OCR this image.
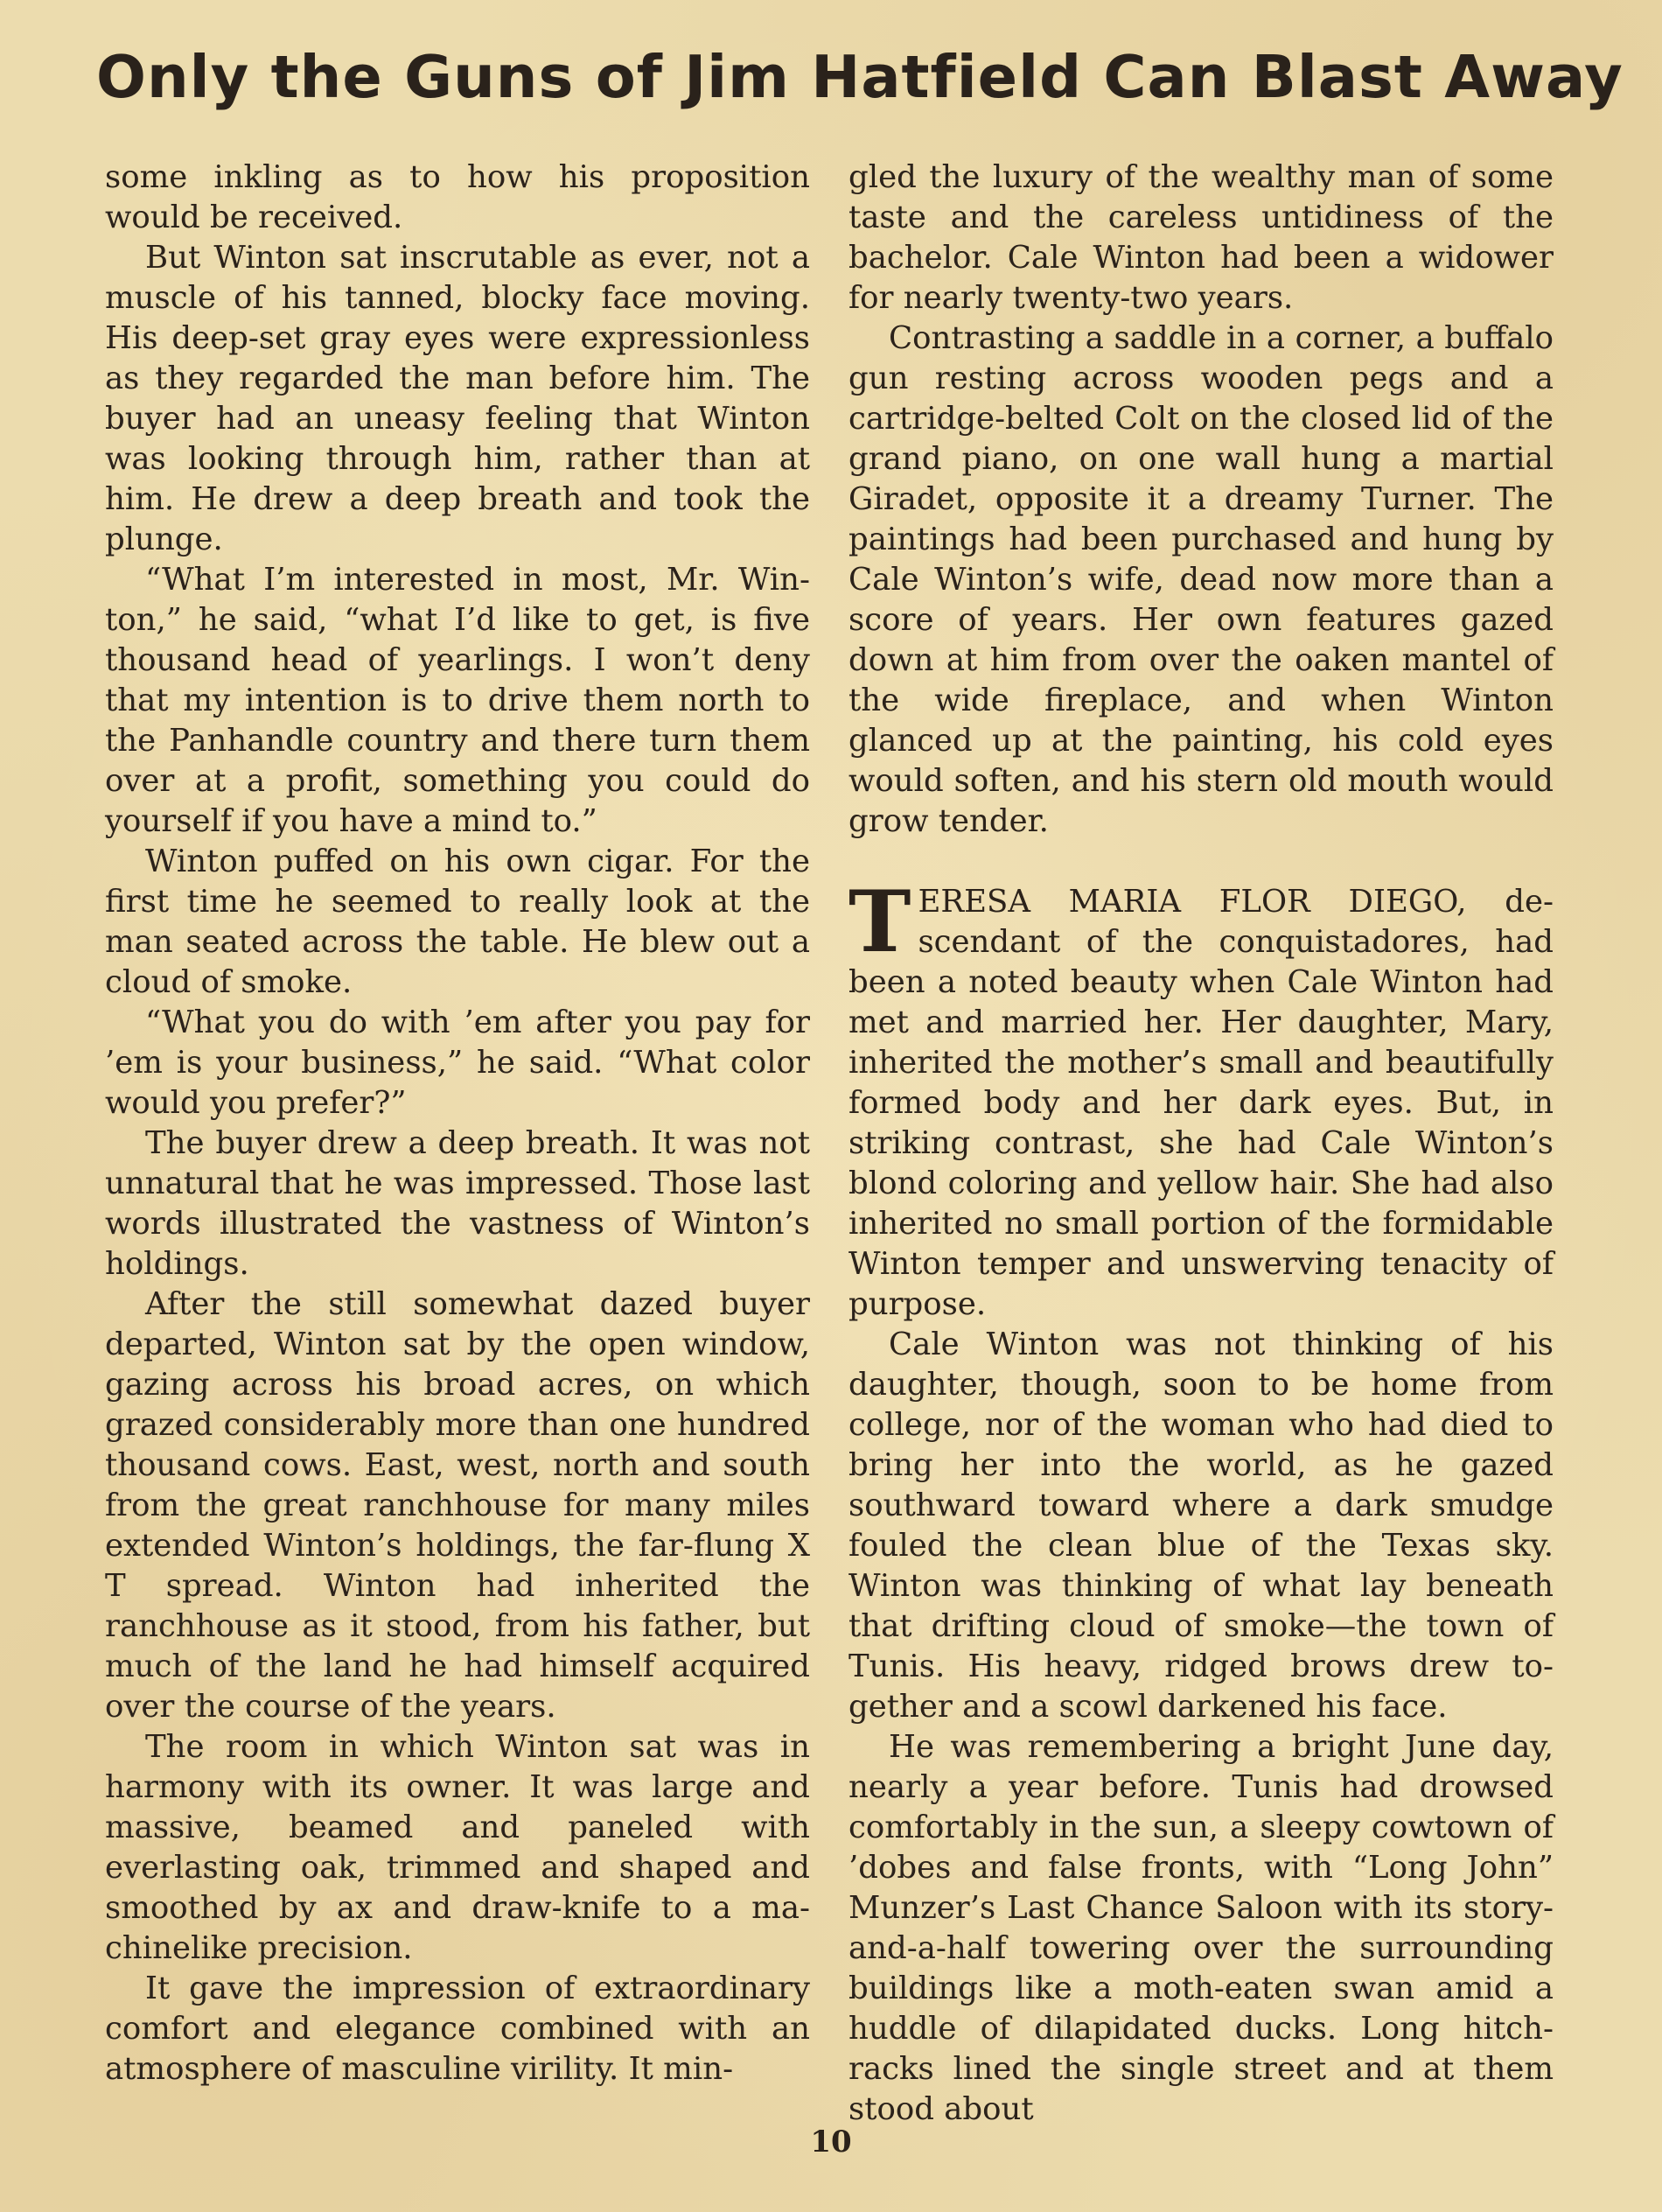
Only the Guns of Jim Hatfield Can Blast Away

some inkling as to how his proposition would be received.

But Winton sat inscrutable as ever, not a muscle of his tanned, blocky face moving. His deep-set gray eyes were expressionless as they regarded the man before him. The buyer had an uneasy feeling that Winton was looking through him, rather than at him. He drew a deep breath and took the plunge.

“What I’m interested in most, Mr. Winton,” he said, “what I’d like to get, is five thousand head of yearlings. I won’t deny that my intention is to drive them north to the Panhandle country and there turn them over at a profit, something you could do yourself if you have a mind to.”

Winton puffed on his own cigar. For the first time he seemed to really look at the man seated across the table. He blew out a cloud of smoke.

“What you do with ’em after you pay for ’em is your business,” he said. “What color would you prefer?”

The buyer drew a deep breath. It was not unnatural that he was impressed. Those last words illustrated the vastness of Winton’s holdings.

After the still somewhat dazed buyer departed, Winton sat by the open window, gazing across his broad acres, on which grazed considerably more than one hundred thousand cows. East, west, north and south from the great ranchhouse for many miles extended Winton’s holdings, the far-flung X T spread. Winton had inherited the ranchhouse as it stood, from his father, but much of the land he had himself acquired over the course of the years.

The room in which Winton sat was in harmony with its owner. It was large and massive, beamed and paneled with everlasting oak, trimmed and shaped and smoothed by ax and draw-knife to a machinelike precision.

It gave the impression of extraordinary comfort and elegance combined with an atmosphere of masculine virility. It min-

gled the luxury of the wealthy man of some taste and the careless untidiness of the bachelor. Cale Winton had been a widower for nearly twenty-two years.

Contrasting a saddle in a corner, a buffalo gun resting across wooden pegs and a cartridge-belted Colt on the closed lid of the grand piano, on one wall hung a martial Giradet, opposite it a dreamy Turner. The paintings had been purchased and hung by Cale Winton’s wife, dead now more than a score of years. Her own features gazed down at him from over the oaken mantel of the wide fireplace, and when Winton glanced up at the painting, his cold eyes would soften, and his stern old mouth would grow tender.

TERESA MARIA FLOR DIEGO, descendant of the conquistadores, had been a noted beauty when Cale Winton had met and married her. Her daughter, Mary, inherited the mother’s small and beautifully formed body and her dark eyes. But, in striking contrast, she had Cale Winton’s blond coloring and yellow hair. She had also inherited no small portion of the formidable Winton temper and unswerving tenacity of purpose.

Cale Winton was not thinking of his daughter, though, soon to be home from college, nor of the woman who had died to bring her into the world, as he gazed southward toward where a dark smudge fouled the clean blue of the Texas sky. Winton was thinking of what lay beneath that drifting cloud of smoke—the town of Tunis. His heavy, ridged brows drew together and a scowl darkened his face.

He was remembering a bright June day, nearly a year before. Tunis had drowsed comfortably in the sun, a sleepy cowtown of ’dobes and false fronts, with “Long John” Munzer’s Last Chance Saloon with its story-and-a-half towering over the surrounding buildings like a moth-eaten swan amid a huddle of dilapidated ducks. Long hitch-racks lined the single street and at them stood about

10
